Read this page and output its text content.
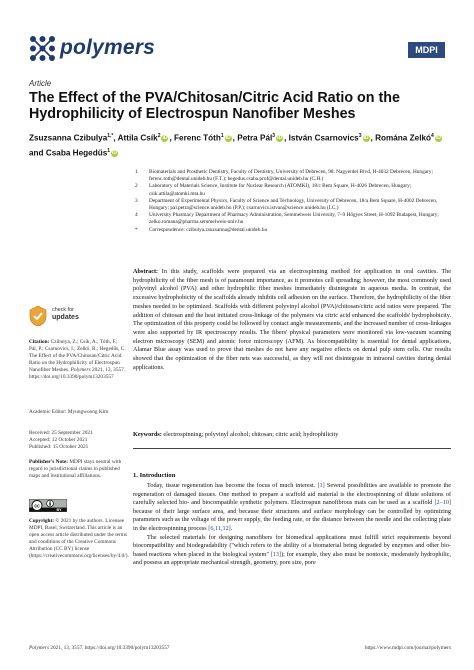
polymers	MDPI
Article
The Effect of the PVA/Chitosan/Citric Acid Ratio on the Hydrophilicity of Electrospun Nanofiber Meshes
Zsuzsanna Czibulya$^{1,*}$, Attila Csík$^2$ iD , Ferenc Tóth$^1$ iD , Petra Pál$^3$ iD , István Csarnovics$^3$ iD , Romána Zelkó$^4$ iD and Csaba Hegedűs$^1$ iD
1 Biomaterials and Prosthetic Dentistry, Faculty of Dentistry, University of Debrecen, 98. Nagyerdei Blvd, H-4032 Debrecen, Hungary; ferenc.toth@dental.unideb.hu (F.T.); hegedus.csaba.prof@dental.unideb.hu (C.H.)
2 Laboratory of Materials Science, Institute for Nuclear Research (ATOMKI), 18/c Bem Square, H-4026 Debrecen, Hungary; csik.attila@atomki.mta.hu
3 Department of Experimental Physics, Faculty of Science and Technology, University of Debrecen, 18/a Bem Square, H-4002 Debrecen, Hungary; pal.petra@science.unideb.hu (P.P.); csarnovics.istvan@science.unideb.hu (I.C.)
4 University Pharmacy Department of Pharmacy Administration, Semmelweis University, 7–9 Hőgyes Street, H-1092 Budapest, Hungary; zelko.romana@pharma.semmelweis-univ.hu
* Correspondence: czibulya.zsuzsanna@dental.unideb.hu
check for
updates
Citation: Czibulya, Z.; Csík, A.; Tóth, F.; Pál, P.; Csarnovics, I.; Zelkó, R.; Hegedűs, C. The Effect of the PVA/Chitosan/Citric Acid Ratio on the Hydrophilicity of Electrospun Nanofiber Meshes. Polymers 2021, 13, 3557. https://doi.org/10.3390/polym13203557
Academic Editor: Myungwoong Kim
Received: 25 September 2021
Accepted: 12 October 2021
Published: 15 October 2021
Publisher's Note: MDPI stays neutral with regard to jurisdictional claims in published maps and institutional affiliations.
cc
BY
Copyright: © 2021 by the authors. Licensee MDPI, Basel, Switzerland. This article is an open access article distributed under the terms and conditions of the Creative Commons Attribution (CC BY) license (https://creativecommons.org/licenses/by/4.0/).
Abstract: In this study, scaffolds were prepared via an electrospinning method for application in oral cavities. The hydrophilicity of the fiber mesh is of paramount importance, as it promotes cell spreading; however, the most commonly used polyvinyl alcohol (PVA) and other hydrophilic fiber meshes immediately disintegrate in aqueous media. In contrast, the excessive hydrophobicity of the scaffolds already inhibits cell adhesion on the surface. Therefore, the hydrophilicity of the fiber meshes needed to be optimized. Scaffolds with different polyvinyl alcohol (PVA)/chitosan/citric acid ratios were prepared. The addition of chitosan and the heat initiated cross-linkage of the polymers via citric acid enhanced the scaffolds' hydrophobicity. The optimization of this property could be followed by contact angle measurements, and the increased number of cross-linkages were also supported by IR spectroscopy results. The fibers' physical parameters were monitored via low-vacuum scanning electron microscopy (SEM) and atomic force microscopy (AFM). As biocompatibility is essential for dental applications, Alamar Blue assay was used to prove that meshes do not have any negative effects on dental pulp stem cells. Our results showed that the optimization of the fiber nets was successful, as they will not disintegrate in intraoral cavities during dental applications.
Keywords: electrospinning; polyvinyl alcohol; chitosan; citric acid; hydrophilicity
1. Introduction

Today, tissue regeneration has become the focus of much interest. [1] Several possibilities are available to promote the regeneration of damaged tissues. One method to prepare a scaffold aid material is the electrospinning of dilute solutions of carefully selected bio- and biocompatible synthetic polymers. Electrospun nanofibrous mats can be used as a scaffold [2–10] because of their large surface area, and because their structures and surface morphology can be controlled by optimizing parameters such as the voltage of the power supply, the feeding rate, or the distance between the needle and the collecting plate in the electrospinning process [6,11,12].

The selected materials for designing nanofibers for biomedical applications must fulfill strict requirements beyond biocompatibility and biodegradability ("which refers to the ability of a biomaterial being degraded by enzymes and other bio-based reactions when placed in the biological system" [13]); for example, they also must be nontoxic, moderately hydrophilic, and possess an appropriate mechanical strength, geometry, pore size, pore

Polymers 2021, 13, 3557. https://doi.org/10.3390/polym13203557	https://www.mdpi.com/journal/polymers
